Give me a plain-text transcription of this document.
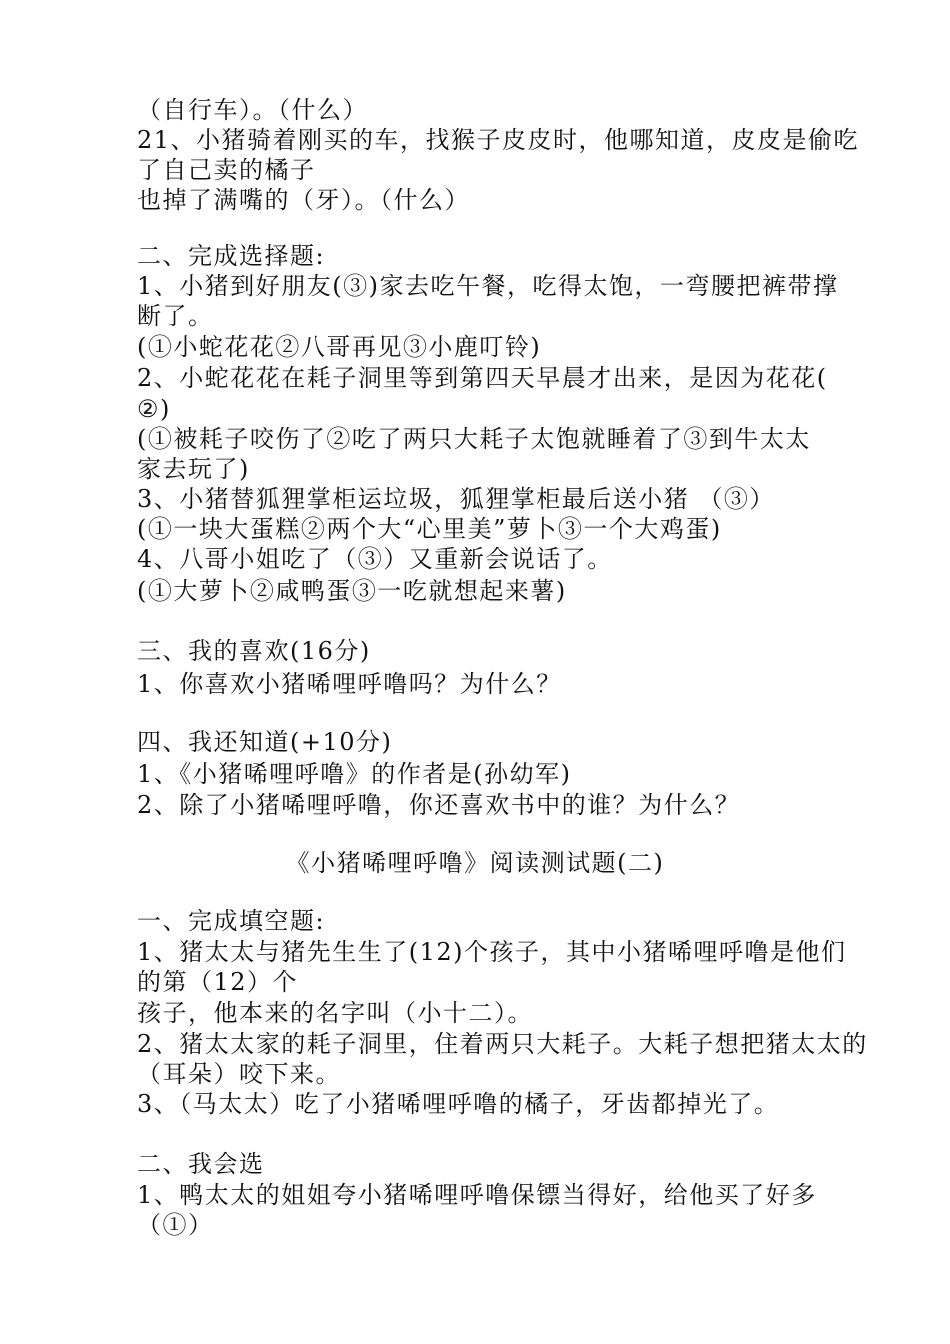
（自行车）。（什么）
21、小猪骑着刚买的车，找猴子皮皮时，他哪知道，皮皮是偷吃
了自己卖的橘子
也掉了满嘴的（牙）。（什么）
二、完成选择题:
1、小猪到好朋友(③)家去吃午餐，吃得太饱，一弯腰把裤带撑
断了。
(①小蛇花花②八哥再见③小鹿叮铃)
2、小蛇花花在耗子洞里等到第四天早晨才出来，是因为花花(
②)
(①被耗子咬伤了②吃了两只大耗子太饱就睡着了③到牛太太
家去玩了)
3、小猪替狐狸掌柜运垃圾，狐狸掌柜最后送小猪 （③）
(①一块大蛋糕②两个大“心里美”萝卜③一个大鸡蛋)
4、八哥小姐吃了（③）又重新会说话了。
(①大萝卜②咸鸭蛋③一吃就想起来薯)
三、我的喜欢(16分)
1、你喜欢小猪唏哩呼噜吗？为什么？
四、我还知道(+10分)
1、《小猪唏哩呼噜》的作者是(孙幼军)
2、除了小猪唏哩呼噜，你还喜欢书中的谁？为什么？
《小猪唏哩呼噜》阅读测试题(二)
一、完成填空题:
1、猪太太与猪先生生了(12)个孩子，其中小猪唏哩呼噜是他们
的第（12）个
孩子，他本来的名字叫（小十二）。
2、猪太太家的耗子洞里，住着两只大耗子。大耗子想把猪太太的
（耳朵）咬下来。
3、（马太太）吃了小猪唏哩呼噜的橘子，牙齿都掉光了。
二、我会选
1、鸭太太的姐姐夸小猪唏哩呼噜保镖当得好，给他买了好多
（①）
